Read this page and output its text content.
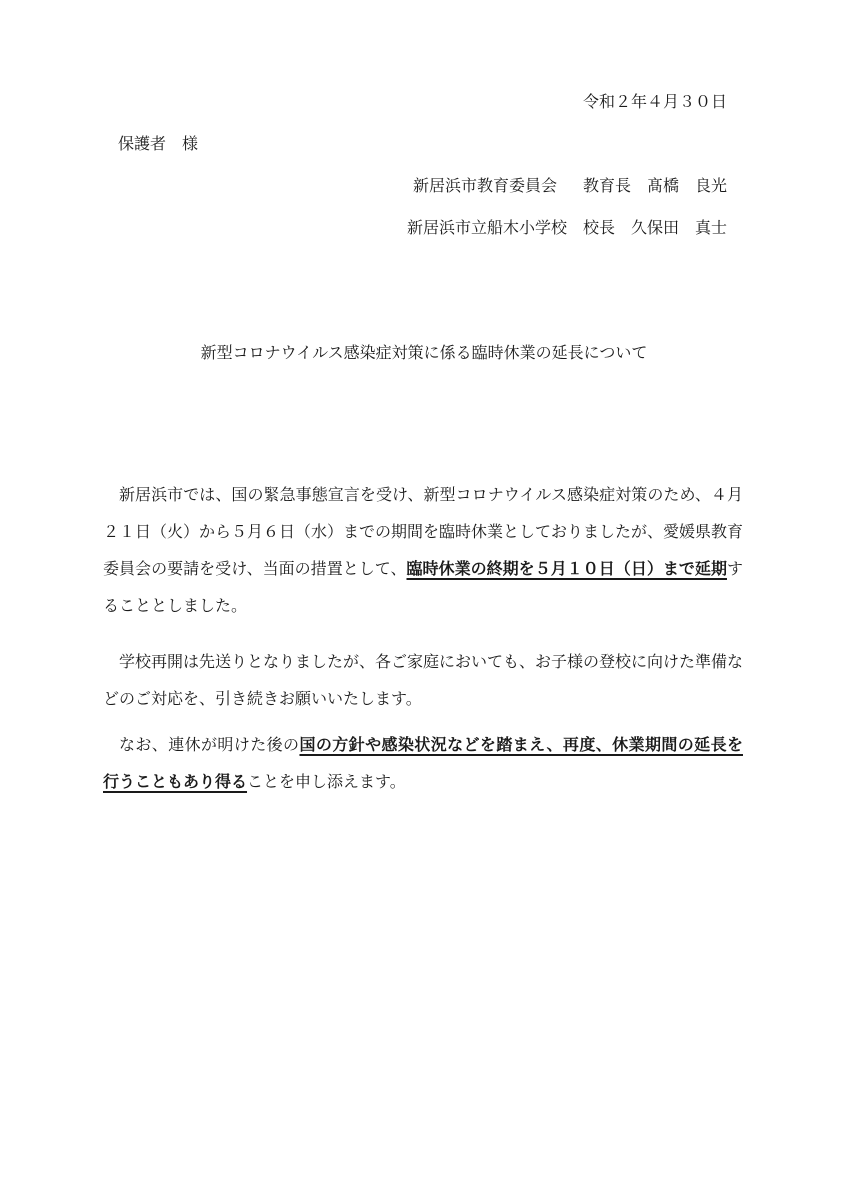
令和２年４月３０日
保護者　様
新居浜市教育委員会 教育長 髙橋　良光
新居浜市立船木小学校 校長 久保田　真士
新型コロナウイルス感染症対策に係る臨時休業の延長について

新居浜市では、国の緊急事態宣言を受け、新型コロナウイルス感染症対策のため、４月２１日（火）から５月６日（水）までの期間を臨時休業としておりましたが、愛媛県教育委員会の要請を受け、当面の措置として、臨時休業の終期を５月１０日（日）まで延期することとしました。

学校再開は先送りとなりましたが、各ご家庭においても、お子様の登校に向けた準備などのご対応を、引き続きお願いいたします。

なお、連休が明けた後の国の方針や感染状況などを踏まえ、再度、休業期間の延長を行うこともあり得ることを申し添えます。
